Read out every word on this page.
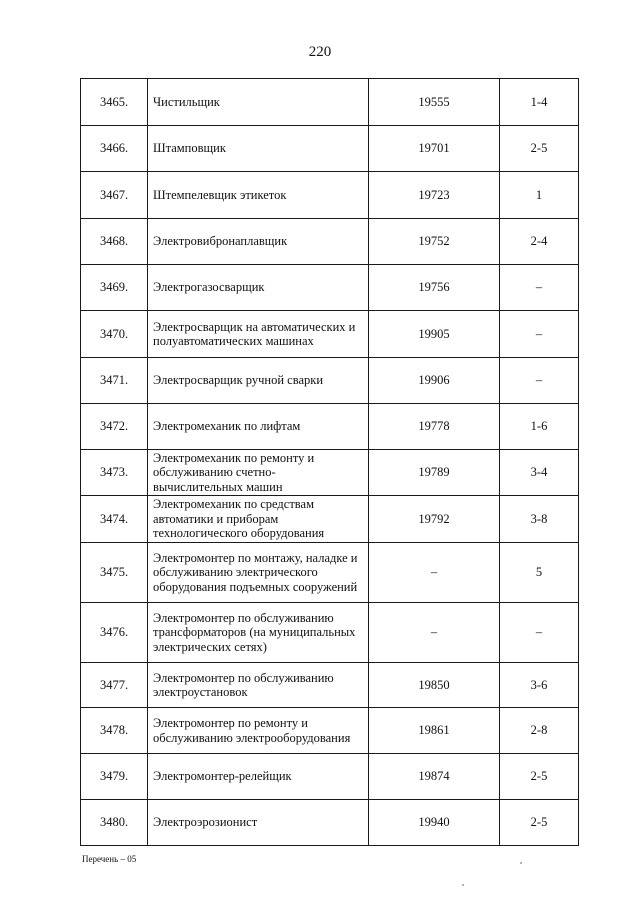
220
3465.	Чистильщик	19555	1-4
3466.	Штамповщик	19701	2-5
3467.	Штемпелевщик этикеток	19723	1
3468.	Электровибронаплавщик	19752	2-4
3469.	Электрогазосварщик	19756	–
3470.	Электросварщик на автоматических и полуавтоматических машинах	19905	–
3471.	Электросварщик ручной сварки	19906	–
3472.	Электромеханик по лифтам	19778	1-6
3473.	Электромеханик по ремонту и обслуживанию счетно-вычислительных машин	19789	3-4
3474.	Электромеханик по средствам автоматики и приборам технологического оборудования	19792	3-8
3475.	Электромонтер по монтажу, наладке и обслуживанию электрического оборудования подъемных сооружений	–	5
3476.	Электромонтер по обслуживанию трансформаторов (на муниципальных электрических сетях)	–	–
3477.	Электромонтер по обслуживанию электроустановок	19850	3-6
3478.	Электромонтер по ремонту и обслуживанию электрооборудования	19861	2-8
3479.	Электромонтер-релейщик	19874	2-5
3480.	Электроэрозионист	19940	2-5
Перечень – 05
